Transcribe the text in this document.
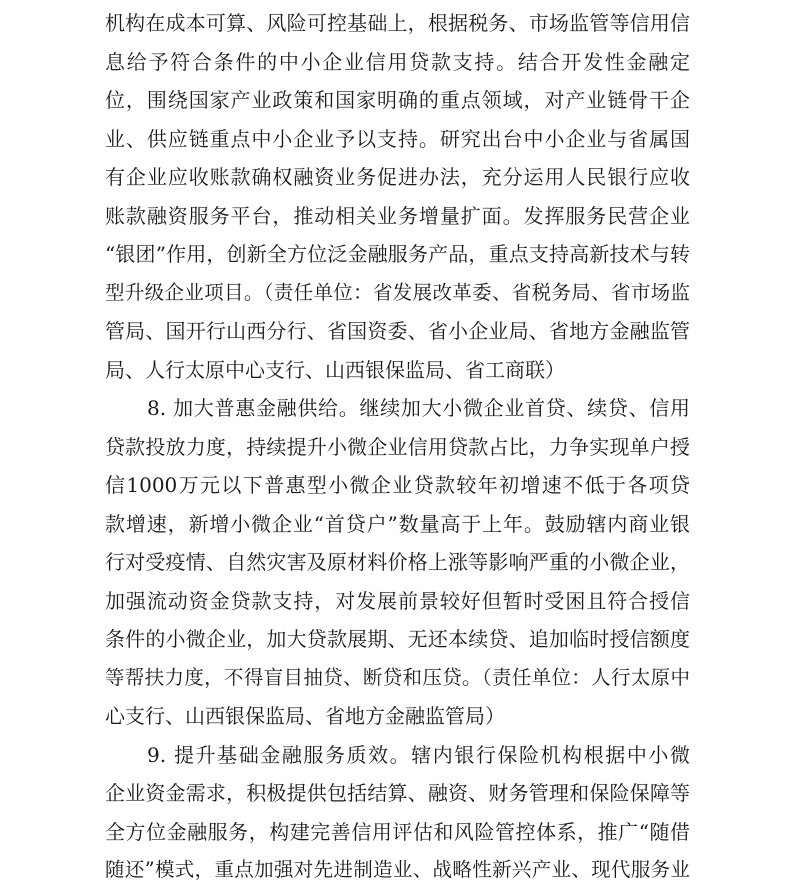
机构在成本可算、风险可控基础上，根据税务、市场监管等信用信
息给予符合条件的中小企业信用贷款支持。结合开发性金融定
位，围绕国家产业政策和国家明确的重点领域，对产业链骨干企
业、供应链重点中小企业予以支持。研究出台中小企业与省属国
有企业应收账款确权融资业务促进办法，充分运用人民银行应收
账款融资服务平台，推动相关业务增量扩面。发挥服务民营企业
“银团”作用，创新全方位泛金融服务产品，重点支持高新技术与转
型升级企业项目。（责任单位：省发展改革委、省税务局、省市场监
管局、国开行山西分行、省国资委、省小企业局、省地方金融监管
局、人行太原中心支行、山西银保监局、省工商联）
8. 加大普惠金融供给。继续加大小微企业首贷、续贷、信用
贷款投放力度，持续提升小微企业信用贷款占比，力争实现单户授
信1000万元以下普惠型小微企业贷款较年初增速不低于各项贷
款增速，新增小微企业“首贷户”数量高于上年。鼓励辖内商业银
行对受疫情、自然灾害及原材料价格上涨等影响严重的小微企业，
加强流动资金贷款支持，对发展前景较好但暂时受困且符合授信
条件的小微企业，加大贷款展期、无还本续贷、追加临时授信额度
等帮扶力度，不得盲目抽贷、断贷和压贷。（责任单位：人行太原中
心支行、山西银保监局、省地方金融监管局）
9. 提升基础金融服务质效。辖内银行保险机构根据中小微
企业资金需求，积极提供包括结算、融资、财务管理和保险保障等
全方位金融服务，构建完善信用评估和风险管控体系，推广“随借
随还”模式，重点加强对先进制造业、战略性新兴产业、现代服务业
